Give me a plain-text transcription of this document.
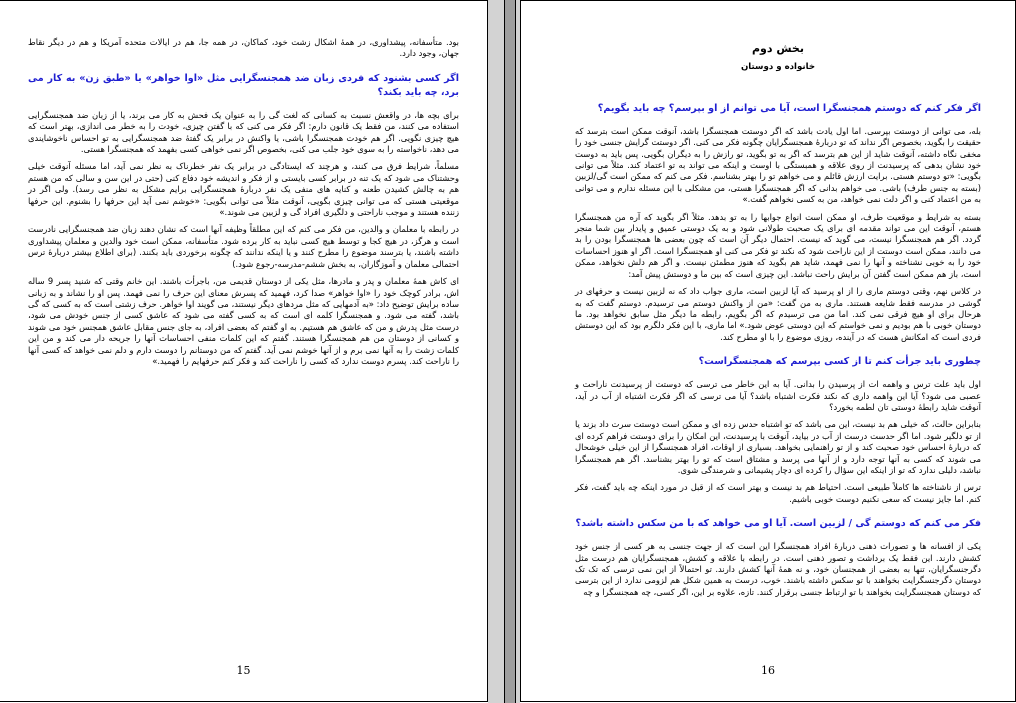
بود. متأسفانه، پیشداوری، در همهٔ اشکال زشت خود، کماکان، در همه جا، هم در ایالات متحده آمریکا و هم در دیگر نقاط جهان، وجود دارد.

اگر کسی بشنود که فردی زبان ضد همجنسگرایی مثل «اوا خواهر» یا «طبق زن» به کار می برد، چه باید بکند؟

برای بچه ها، در واقعش نسبت به کسانی که لغت گی را به عنوان یک فحش به کار می برند، یا از زبان ضد همجنسگرایی استفاده می کنند، من فقط یک قانون دارم: اگر فکر می کنی که با گفتن چیزی، خودت را به خطر می اندازی، بهتر است که هیچ چیزی نگویی. اگر هم خودت همجنسگرا باشی، یا واکنش در برابر یک گفتهٔ ضد همجنسگرایی به تو احساس ناخوشایندی می دهد، ناخواسته را به سوی خود جلب می کنی، بخصوص اگر نمی خواهی کسی بفهمد که همجنسگرا هستی.

مسلماً، شرایط فرق می کنند، و هرچند که ایستادگی در برابر یک نفر خطرناک به نظر نمی آید، اما مسئله آنوقت خیلی وحشتناک می شود که یک تنه در برابر کسی بایستی و از فکر و اندیشه خود دفاع کنی (حتی در این سن و سالی که من هستم هم به چالش کشیدن طعنه و کنایه های منفی یک نفر دربارهٔ همجنسگرایی برایم مشکل به نظر می رسد). ولی اگر در موقعیتی هستی که می توانی چیزی بگویی، آنوقت مثلاً می توانی بگویی: «خوشم نمی آید این حرفها را بشنوم. این حرفها زننده هستند و موجب ناراحتی و دلگیری افراد گی و لزبین می شوند.»

در رابطه با معلمان و والدین، من فکر می کنم که این مطلقاً وظیفه آنها است که نشان دهند زبان ضد همجنسگرایی نادرست است و هرگز، در هیچ کجا و توسط هیچ کسی نباید به کار برده شود. متأسفانه، ممکن است خود والدین و معلمان پیشداوری داشته باشند، یا بترسند موضوع را مطرح کنند و یا اینکه ندانند که چگونه برخوردی باید بکنند. (برای اطلاع بیشتر دربارهٔ ترس احتمالی معلمان و آموزگاران، به بخش ششم-مدرسه-رجوع شود.)

ای کاش همهٔ معلمان و پدر و مادرها، مثل یکی از دوستان قدیمی من، باجرأت باشند. این خانم وقتی که شنید پسر 9 ساله اش، برادر کوچک خود را «اوا خواهر» صدا کرد، فهمید که پسرش معنای این حرف را نمی فهمد. پس او را نشاند و به زبانی ساده برایش توضیح داد: «به آدمهایی که مثل مردهای دیگر نیستند، می گویند اوا خواهر. حرف زشتی است که به کسی که گی باشد، گفته می شود. و همجنسگرا کلمه ای است که به کسی گفته می شود که عاشق کسی از جنس خودش می شود، درست مثل پدرش و من که عاشق هم هستیم. به او گفتم که بعضی افراد، به جای جنس مقابل عاشق همجنس خود می شوند و کسانی از دوستان من هم همجنسگرا هستند. گفتم که این کلمات منفی احساسات آنها را جریحه دار می کند و من این کلمات زشت را به آنها نمی برم و از آنها خوشم نمی آید. گفتم که من دوستانم را دوست دارم و دلم نمی خواهد که کسی آنها را ناراحت کند. پسرم دوست ندارد که کسی را ناراحت کند و فکر کنم حرفهایم را فهمید.»

15
بخش دوم
خانواده و دوستان
اگر فکر کنم که دوستم همجنسگرا است، آیا می توانم از او بپرسم؟ چه باید بگویم؟

بله، می توانی از دوستت بپرسی. اما اول یادت باشد که اگر دوستت همجنسگرا باشد، آنوقت ممکن است بترسد که حقیقت را بگوید، بخصوص اگر نداند که تو دربارهٔ همجنسگرایان چگونه فکر می کنی. اگر دوستت گرایش جنسی خود را مخفی نگاه داشته، آنوقت شاید از این هم بترسد که اگر به تو بگوید، تو رازش را به دیگران بگویی. پس باید به دوست خود نشان بدهی که پرسیدنت از روی علاقه و همبستگی با اوست و اینکه می تواند به تو اعتماد کند. مثلاً می توانی بگویی: «تو دوستم هستی. برایت ارزش قائلم و می خواهم تو را بهتر بشناسم. فکر می کنم که ممکن است گی/لزبین (بسته به جنس طرف) باشی. می خواهم بدانی که اگر همجنسگرا هستی، من مشکلی با این مسئله ندارم و می توانی به من اعتماد کنی و اگر دلت نمی خواهد، من به کسی نخواهم گفت.»

بسته به شرایط و موقعیت طرف، او ممکن است انواع جوابها را به تو بدهد. مثلاً اگر بگوید که آره من همجنسگرا هستم، آنوقت این می تواند مقدمه ای برای یک صحبت طولانی شود و به یک دوستی عمیق و پایدار بین شما منجر گردد. اگر هم همجنسگرا نیست، می گوید که نیست. احتمال دیگر آن است که چون بعضی ها همجنسگرا بودن را بد می دانند، ممکن است دوستت از این ناراحت شود که نکند تو فکر می کنی او همجنسگرا است. اگر او هنوز احساسات خود را به خوبی نشناخته و آنها را نمی فهمد، شاید هم بگوید که هنوز مطمئن نیست. و اگر هم دلش نخواهد، ممکن است، باز هم ممکن است گفتن آن برایش راحت نباشد. این چیزی است که بین ما و دوستش پیش آمد:

در کلاس نهم، وقتی دوستم ماری را از او پرسید که آیا لزبین است، ماری جواب داد که نه لزبین نیست و حرفهای در گوشی در مدرسه فقط شایعه هستند. ماری به من گفت: «من از واکنش دوستم می ترسیدم. دوستم گفت که به هرحال برای او هیچ فرقی نمی کند. اما من می ترسیدم که اگر بگویم، رابطه ما دیگر مثل سابق نخواهد بود. ما دوستان خوبی با هم بودیم و نمی خواستم که این دوستی عوض شود.» اما ماری، با این فکر دلگرم بود که این دوستش فردی است که امکانش هست که در آینده، روزی موضوع را با او مطرح کند.

چطوری باید جرأت کنم تا از کسی بپرسم که همجنسگراست؟

اول باید علت ترس و واهمه ات از پرسیدن را بدانی. آیا به این خاطر می ترسی که دوستت از پرسیدنت ناراحت و عصبی می شود؟ آیا این واهمه داری که نکند فکرت اشتباه باشد؟ آیا می ترسی که اگر فکرت اشتباه از آب در آید، آنوقت شاید رابطهٔ دوستی تان لطمه بخورد؟

بنابراین حالت، که خیلی هم بد نیست، این می باشد که تو اشتباه حدس زده ای و ممکن است دوستت سرت داد بزند یا از تو دلگیر شود. اما اگر حدست درست از آب در بیاید، آنوقت با پرسیدنت، این امکان را برای دوستت فراهم کرده ای که دربارهٔ احساس خود صحبت کند و از تو راهنمایی بخواهد. بسیاری از اوقات، افراد همجنسگرا از این خیلی خوشحال می شوند که کسی به آنها توجه دارد و از آنها می پرسد و مشتاق است که تو را بهتر بشناسد. اگر هم همجنسگرا نباشد، دلیلی ندارد که تو از اینکه این سؤال را کرده ای دچار پشیمانی و شرمندگی شوی.

ترس از ناشناخته ها کاملاً طبیعی است. احتیاط هم بد نیست و بهتر است که از قبل در مورد اینکه چه باید گفت، فکر کنم. اما جایز نیست که سعی نکنیم دوست خوبی باشیم.

فکر می کنم که دوستم گی / لزبین است. آیا او می خواهد که با من سکس داشته باشد؟

یکی از افسانه ها و تصورات ذهنی دربارهٔ افراد همجنسگرا این است که از جهت جنسی به هر کسی از جنس خود کشش دارند. این فقط یک برداشت و تصور ذهنی است. در رابطه با علاقه و کشش، همجنسگرایان هم درست مثل دگرجنسگرایان، تنها به بعضی از همجنسان خود، و نه همهٔ آنها کشش دارند. تو احتمالاً از این نمی ترسی که تک تک دوستان دگرجنسگرایت بخواهند با تو سکس داشته باشند. خوب، درست به همین شکل هم لزومی ندارد از این بترسی که دوستان همجنسگرایت بخواهند با تو ارتباط جنسی برقرار کنند. تازه، علاوه بر این، اگر کسی، چه همجنسگرا و چه

16
